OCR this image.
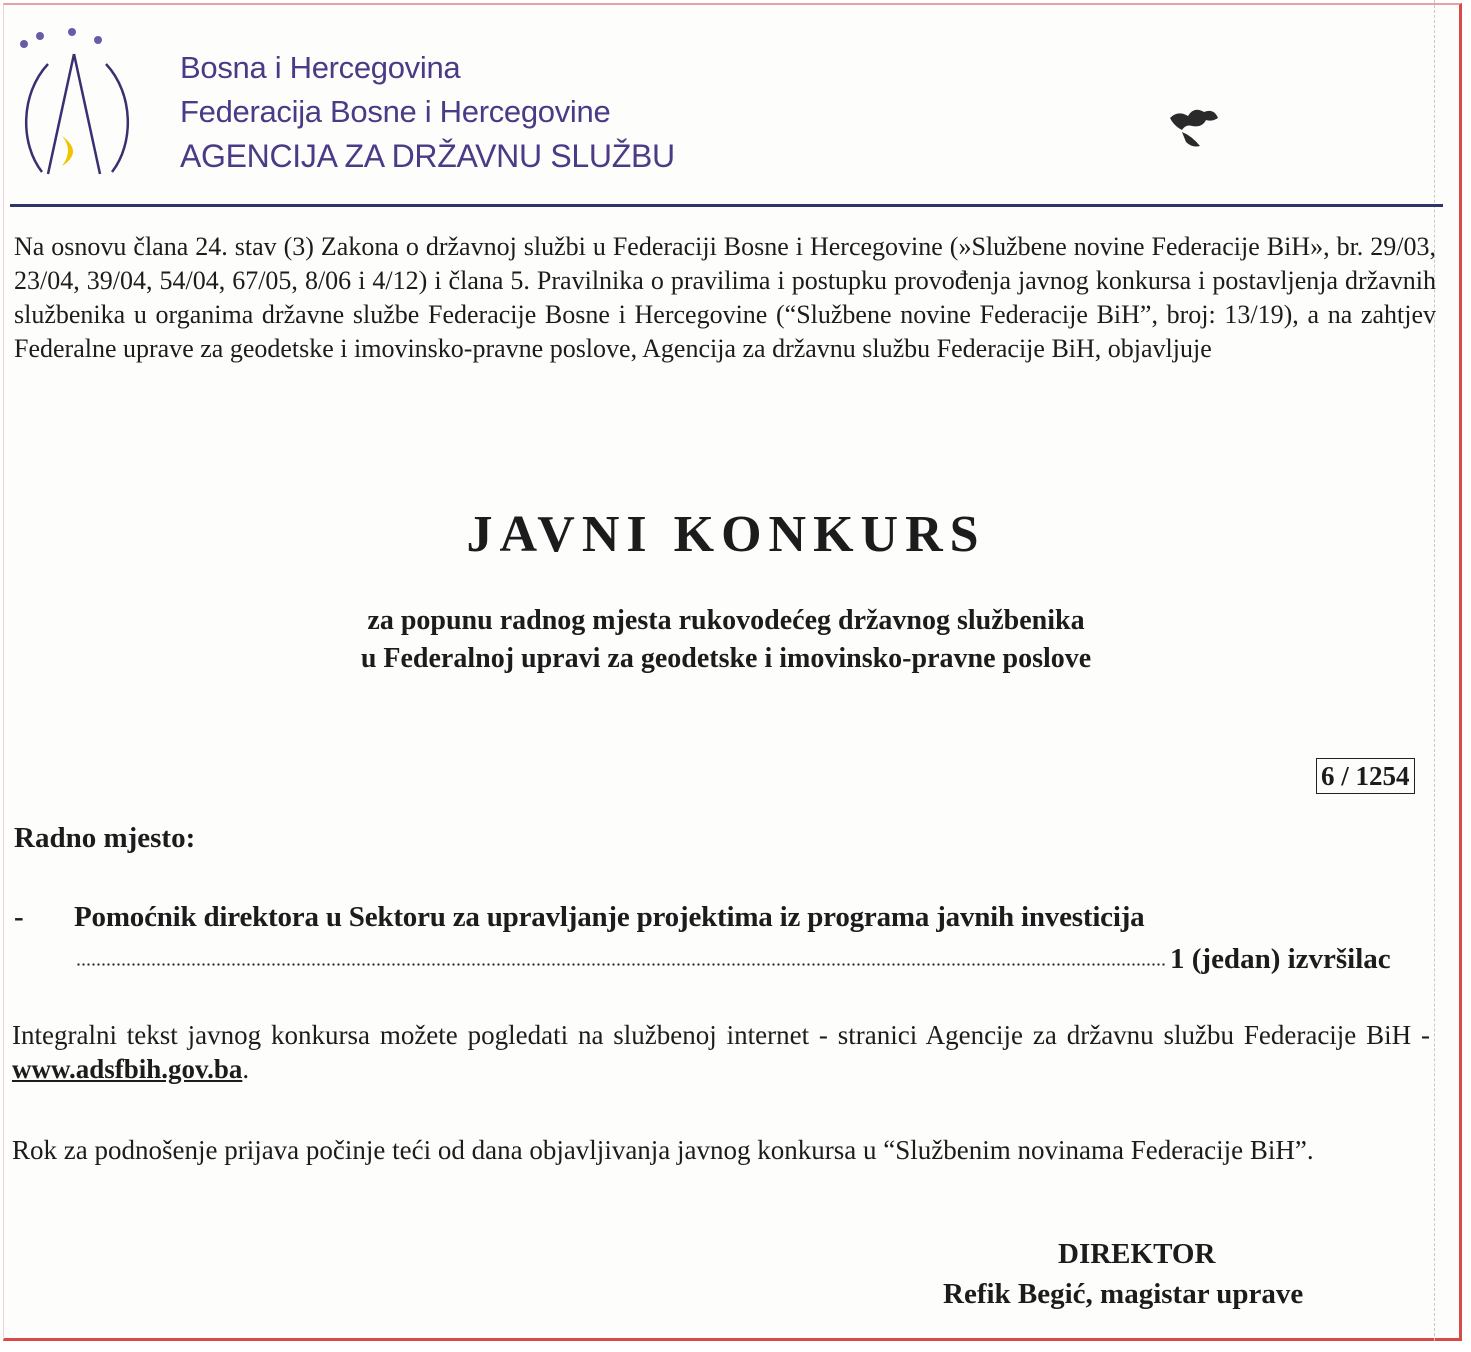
Bosna i Hercegovina
Federacija Bosne i Hercegovine
AGENCIJA ZA DRŽAVNU SLUŽBU
Na osnovu člana 24. stav (3) Zakona o državnoj službi u Federaciji Bosne i Hercegovine (»Službene novine Federacije BiH», br. 29/03, 23/04, 39/04, 54/04, 67/05, 8/06 i 4/12) i člana 5. Pravilnika o pravilima i postupku provođenja javnog konkursa i postavljenja državnih službenika u organima državne službe Federacije Bosne i Hercegovine (“Službene novine Federacije BiH”, broj: 13/19), a na zahtjev Federalne uprave za geodetske i imovinsko-pravne poslove, Agencija za državnu službu Federacije BiH, objavljuje
JAVNI KONKURS
za popunu radnog mjesta rukovodećeg državnog službenika
u Federalnoj upravi za geodetske i imovinsko-pravne poslove
6 / 1254
Radno mjesto:
- Pomoćnik direktora u Sektoru za upravljanje projektima iz programa javnih investicija
1 (jedan) izvršilac
Integralni tekst javnog konkursa možete pogledati na službenoj internet - stranici Agencije za državnu službu Federacije BiH - www.adsfbih.gov.ba.
Rok za podnošenje prijava počinje teći od dana objavljivanja javnog konkursa u “Službenim novinama Federacije BiH”.
DIREKTOR
Refik Begić, magistar uprave
